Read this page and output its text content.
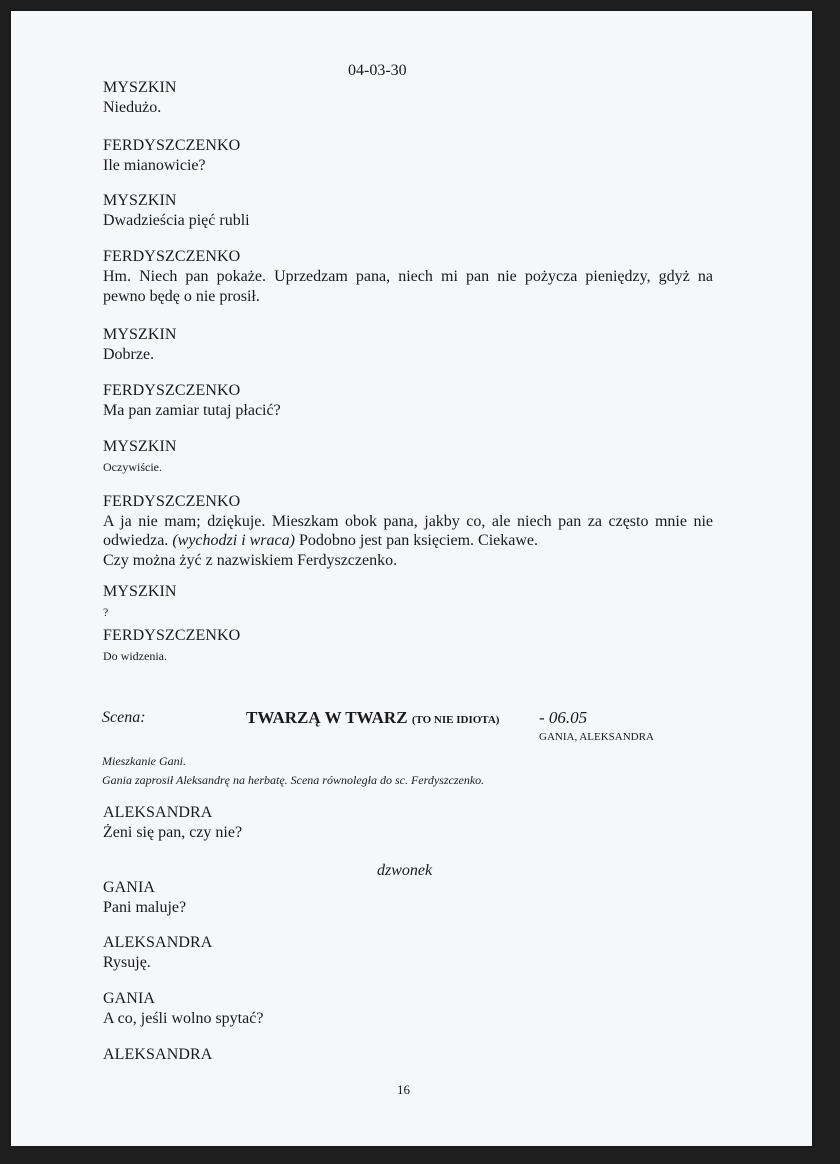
04-03-30
MYSZKIN
Niedużo.
FERDYSZCZENKO
Ile mianowicie?
MYSZKIN
Dwadzieścia pięć rubli
FERDYSZCZENKO
Hm. Niech pan pokaże. Uprzedzam pana, niech mi pan nie pożycza pieniędzy, gdyż na
pewno będę o nie prosił.
MYSZKIN
Dobrze.
FERDYSZCZENKO
Ma pan zamiar tutaj płacić?
MYSZKIN
Oczywiście.
FERDYSZCZENKO
A ja nie mam; dziękuje. Mieszkam obok pana, jakby co, ale niech pan za często mnie nie
odwiedza. (wychodzi i wraca) Podobno jest pan księciem. Ciekawe.
Czy można żyć z nazwiskiem Ferdyszczenko.
MYSZKIN
?
FERDYSZCZENKO
Do widzenia.
Scena:	TWARZĄ W TWARZ (TO NIE IDIOTA) - 06.05
GANIA, ALEKSANDRA
Mieszkanie Gani.
Gania zaprosił Aleksandrę na herbatę. Scena równoległa do sc. Ferdyszczenko.
ALEKSANDRA
Żeni się pan, czy nie?
dzwonek
GANIA
Pani maluje?
ALEKSANDRA
Rysuję.
GANIA
A co, jeśli wolno spytać?
ALEKSANDRA
16
